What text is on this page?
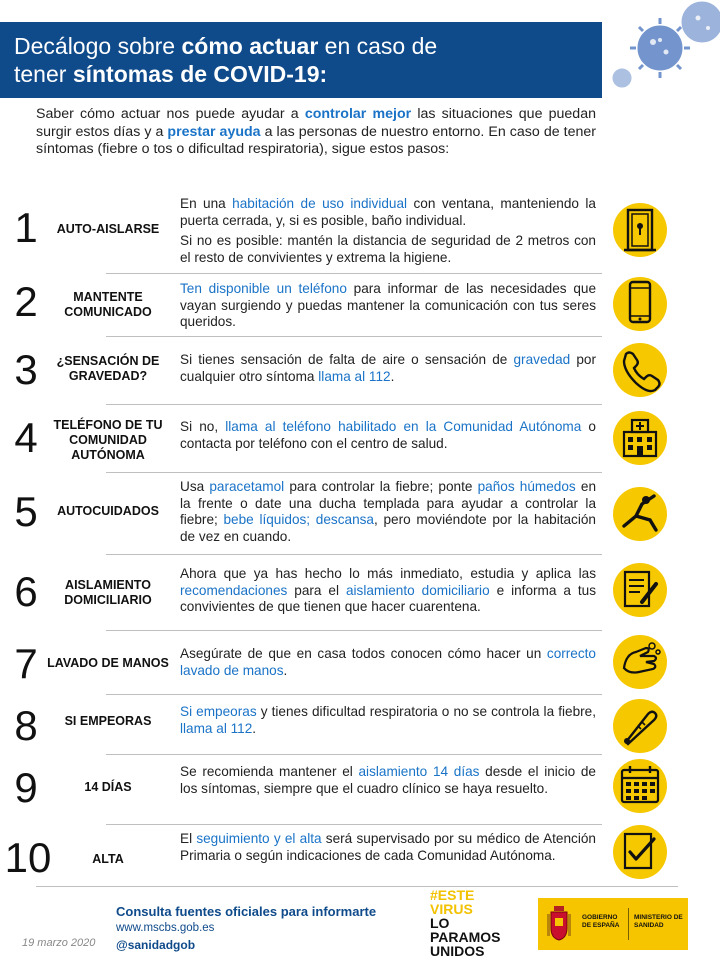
Decálogo sobre cómo actuar en caso de
tener síntomas de COVID-19:
Saber cómo actuar nos puede ayudar a controlar mejor las situaciones que puedan surgir estos días y a prestar ayuda a las personas de nuestro entorno. En caso de tener síntomas (fiebre o tos o dificultad respiratoria), sigue estos pasos:
1	AUTO-AISLARSE

En una habitación de uso individual con ventana, manteniendo la puerta cerrada, y, si es posible, baño individual.

Si no es posible: mantén la distancia de seguridad de 2 metros con el resto de convivientes y extrema la higiene.

2	MANTENTE COMUNICADO
Ten disponible un teléfono para informar de las necesidades que vayan surgiendo y puedas mantener la comunicación con tus seres queridos.
3	¿SENSACIÓN DE GRAVEDAD?
Si tienes sensación de falta de aire o sensación de gravedad por cualquier otro síntoma llama al 112.
4	TELÉFONO DE TU COMUNIDAD AUTÓNOMA
Si no, llama al teléfono habilitado en la Comunidad Autónoma o contacta por teléfono con el centro de salud.
5	AUTOCUIDADOS
Usa paracetamol para controlar la fiebre; ponte paños húmedos en la frente o date una ducha templada para ayudar a controlar la fiebre; bebe líquidos; descansa, pero moviéndote por la habitación de vez en cuando.
6	AISLAMIENTO DOMICILIARIO
Ahora que ya has hecho lo más inmediato, estudia y aplica las recomendaciones para el aislamiento domiciliario e informa a tus convivientes de que tienen que hacer cuarentena.
7 LAVADO DE MANOS
Asegúrate de que en casa todos conocen cómo hacer un correcto lavado de manos.
8	SI EMPEORAS
Si empeoras y tienes dificultad respiratoria o no se controla la fiebre, llama al 112.
9	14 DÍAS
Se recomienda mantener el aislamiento 14 días desde el inicio de los síntomas, siempre que el cuadro clínico se haya resuelto.
10	ALTA
El seguimiento y el alta será supervisado por su médico de Atención Primaria o según indicaciones de cada Comunidad Autónoma.
Consulta fuentes oficiales para informarte
www.mscbs.gob.es
@sanidadgob
19 marzo 2020
#ESTE
VIRUS
LO
PARAMOS
UNIDOS
GOBIERNO DE ESPAÑA
MINISTERIO DE SANIDAD
